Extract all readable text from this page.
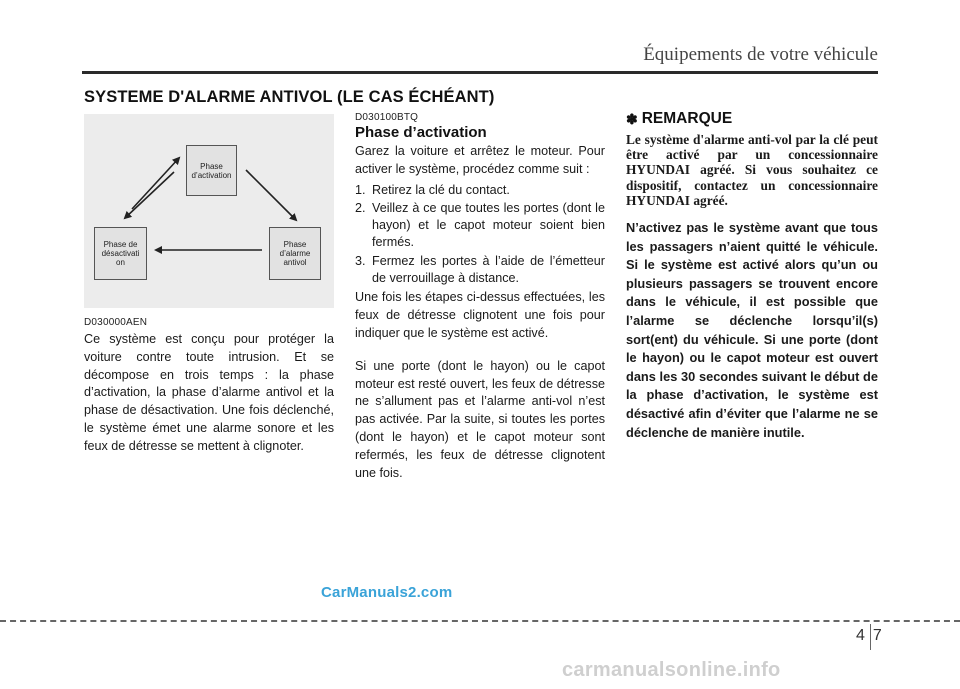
Équipements de votre véhicule
SYSTEME D'ALARME ANTIVOL (LE CAS ÉCHÉANT)
Phase d’activation
Phase de désactivati on
Phase d’alarme antivol
D030000AEN

Ce système est conçu pour protéger la voiture contre toute intrusion. Et se décompose en trois temps : la phase d’activation, la phase d’alarme antivol et la phase de désactivation. Une fois déclenché, le système émet une alarme sonore et les feux de détresse se mettent à clignoter.

D030100BTQ
Phase d’activation

Garez la voiture et arrêtez le moteur. Pour activer le système, procédez comme suit :

1. Retirez la clé du contact.
2. Veillez à ce que toutes les portes (dont le hayon) et le capot moteur soient bien fermés.
3. Fermez les portes à l’aide de l’émetteur de verrouillage à distance.

Une fois les étapes ci-dessus effectuées, les feux de détresse clignotent une fois pour indiquer que le système est activé.

Si une porte (dont le hayon) ou le capot moteur est resté ouvert, les feux de détresse ne s’allument pas et l’alarme anti-vol n’est pas activée. Par la suite, si toutes les portes (dont le hayon) et le capot moteur sont refermés, les feux de détresse clignotent une fois.

✽ REMARQUE

Le système d'alarme anti-vol par la clé peut être activé par un concessionnaire HYUNDAI agréé. Si vous souhaitez ce dispositif, contactez un concessionnaire HYUNDAI agréé.

N’activez pas le système avant que tous les passagers n’aient quitté le véhicule. Si le système est activé alors qu’un ou plusieurs passagers se trouvent encore dans le véhicule, il est possible que l’alarme se déclenche lorsqu’il(s) sort(ent) du véhicule. Si une porte (dont le hayon) ou le capot moteur est ouvert dans les 30 secondes suivant le début de la phase d’activation, le système est désactivé afin d’éviter que l’alarme ne se déclenche de manière inutile.

CarManuals2.com
47
carmanualsonline.info
